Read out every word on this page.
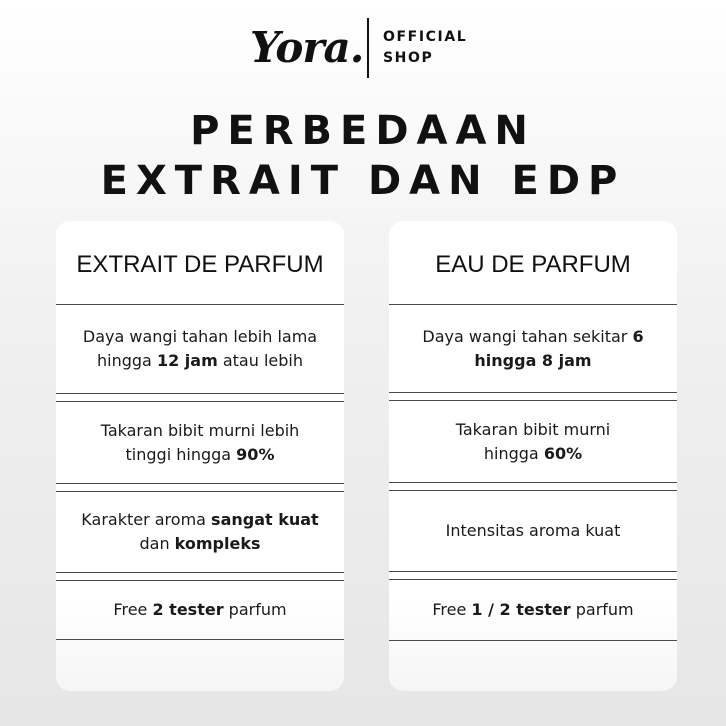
Yora. OFFICIAL
SHOP
PERBEDAAN
EXTRAIT DAN EDP
EXTRAIT DE PARFUM
Daya wangi tahan lebih lama hingga 12 jam atau lebih
Takaran bibit murni lebih tinggi hingga 90%
Karakter aroma sangat kuat dan kompleks
Free 2 tester parfum
EAU DE PARFUM
Daya wangi tahan sekitar 6 hingga 8 jam
Takaran bibit murni hingga 60%
Intensitas aroma kuat
Free 1 / 2 tester parfum
